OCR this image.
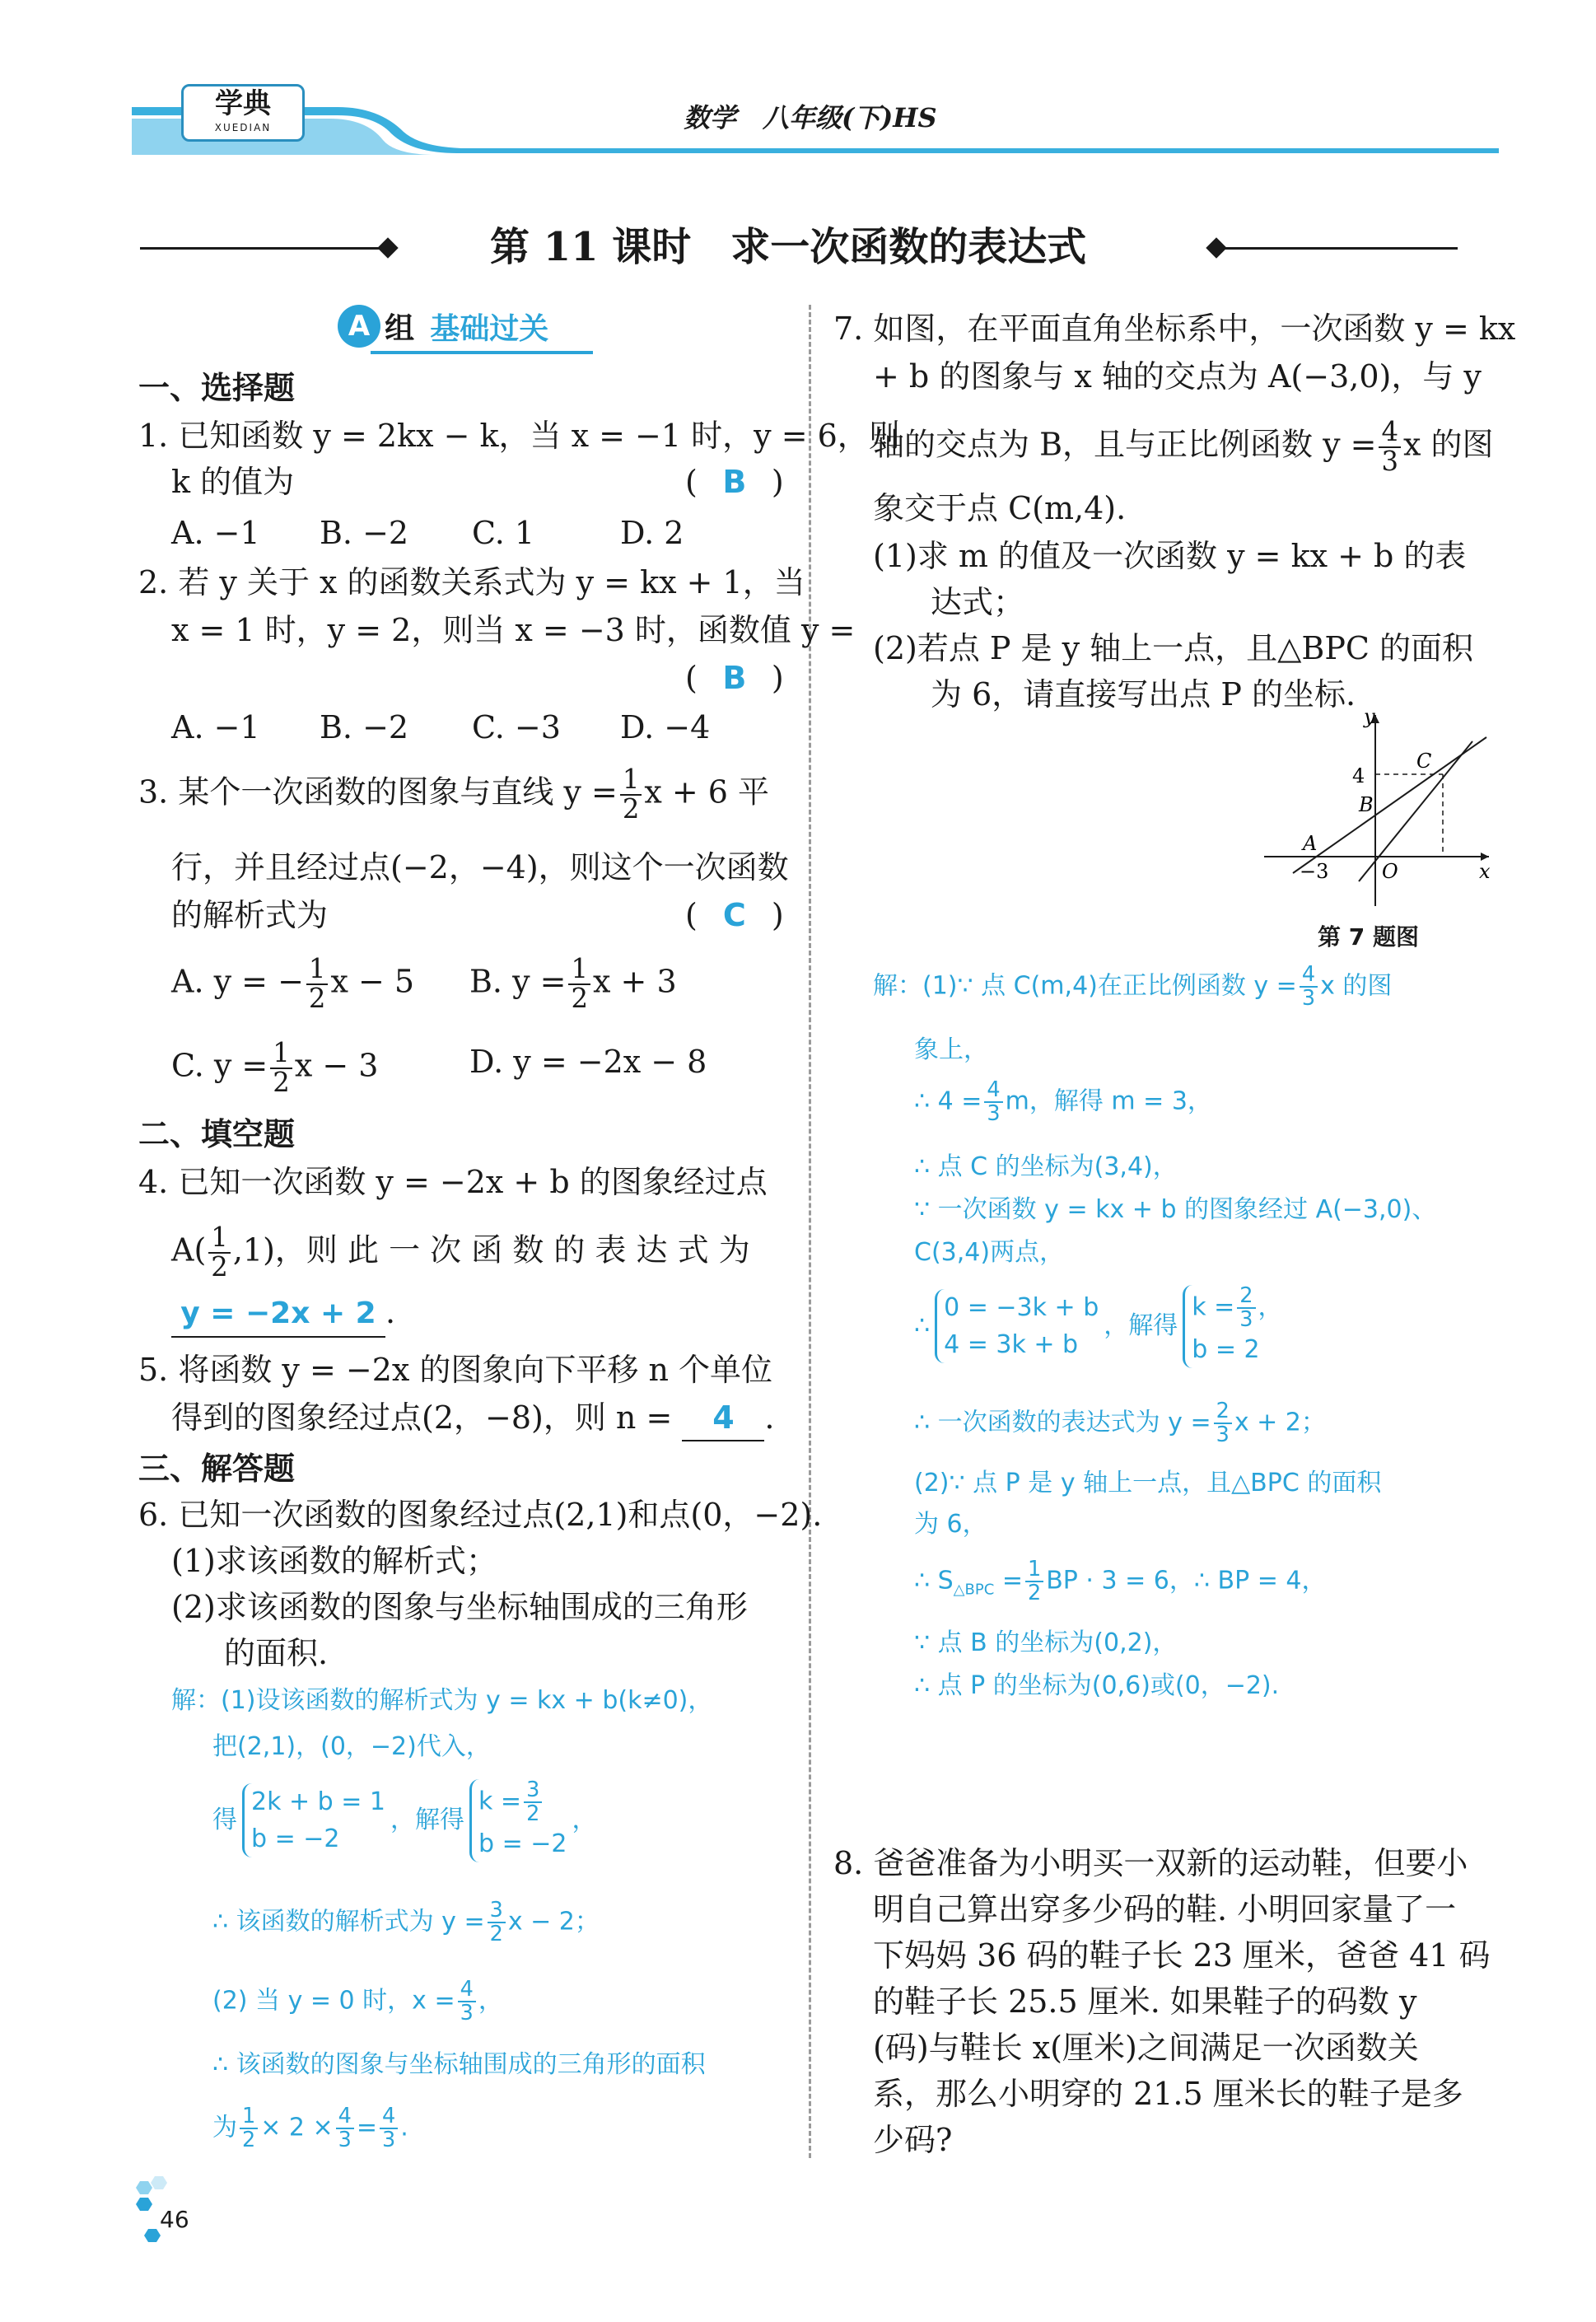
学典
XUEDIAN	数学　八年级(下)HS
第 11 课时　求一次函数的表达式
A 组 基础过关
一、选择题
1. 已知函数 y = 2kx − k，当 x = −1 时，y = 6，则
k 的值为	( B )
A. −1	B. −2	C. 1	D. 2
2. 若 y 关于 x 的函数关系式为 y = kx + 1，当
x = 1 时，y = 2，则当 x = −3 时，函数值 y =
( B )
A. −1	B. −2	C. −3	D. −4
3. 某个一次函数的图象与直线 $y = \frac{1}{2}$ x + 6 平
行，并且经过点(−2，−4)，则这个一次函数
的解析式为	( C )
A. y = − $\frac{1}{2}$ x − 5 B. $y = \frac{1}{2}$ x + 3
C. $y = \frac{1}{2}$ x − 3	D. y = −2x − 8
二、填空题
4. 已知一次函数 y = −2x + b 的图象经过点
$A( \frac{1}{2} ,1)$，则 此 一 次 函 数 的 表 达 式 为
y = −2x + 2 .
5. 将函数 y = −2x 的图象向下平移 n 个单位
得到的图象经过点(2，−8)，则 n = 4 .
三、解答题
6. 已知一次函数的图象经过点(2,1)和点(0，−2).
(1)求该函数的解析式；
(2)求该函数的图象与坐标轴围成的三角形
的面积.
解：(1)设该函数的解析式为 y = kx + b(k≠0)，
把(2,1)，(0，−2)代入，
得
2k + b = 1
b = −2
，解得
$k = \frac{3}{2}$
b = −2
，
∴ 该函数的解析式为 $y = \frac{3}{2}$ x − 2；
(2) 当 y = 0 时，$x = \frac{4}{3}$ ，
∴ 该函数的图象与坐标轴围成的三角形的面积
为 $\frac{1}{2} \times 2 \times \frac{4}{3} = \frac{4}{3}$ .
7. 如图，在平面直角坐标系中，一次函数 y = kx
+ b 的图象与 x 轴的交点为 A(−3,0)，与 y
轴的交点为 B，且与正比例函数 $y = \frac{4}{3}$ x 的图
象交于点 C(m,4).
(1)求 m 的值及一次函数 y = kx + b 的表
达式；
(2)若点 P 是 y 轴上一点，且△BPC 的面积
为 6，请直接写出点 P 的坐标.
y
x
4
C
B
A
−3	O
第 7 题图
解：(1)∵ 点 C(m,4)在正比例函数 $y = \frac{4}{3}$ x 的图
象上，
∴ $4 = \frac{4}{3}$ m，解得 m = 3，
∴ 点 C 的坐标为(3,4)，
∵ 一次函数 y = kx + b 的图象经过 A(−3,0)、
C(3,4)两点，
∴
0 = −3k + b
4 = 3k + b
，解得
$k = \frac{2}{3}$ ，
b = 2
∴ 一次函数的表达式为 $y = \frac{2}{3}$ x + 2；
(2)∵ 点 P 是 y 轴上一点，且△BPC 的面积
为 6，
∴ $S_{\triangle BPC} = \frac{1}{2}$ BP · 3 = 6，∴ BP = 4，
∵ 点 B 的坐标为(0,2)，
∴ 点 P 的坐标为(0,6)或(0，−2).
8. 爸爸准备为小明买一双新的运动鞋，但要小
明自己算出穿多少码的鞋. 小明回家量了一
下妈妈 36 码的鞋子长 23 厘米，爸爸 41 码
的鞋子长 25.5 厘米. 如果鞋子的码数 y
(码)与鞋长 x(厘米)之间满足一次函数关
系，那么小明穿的 21.5 厘米长的鞋子是多
少码?
46
